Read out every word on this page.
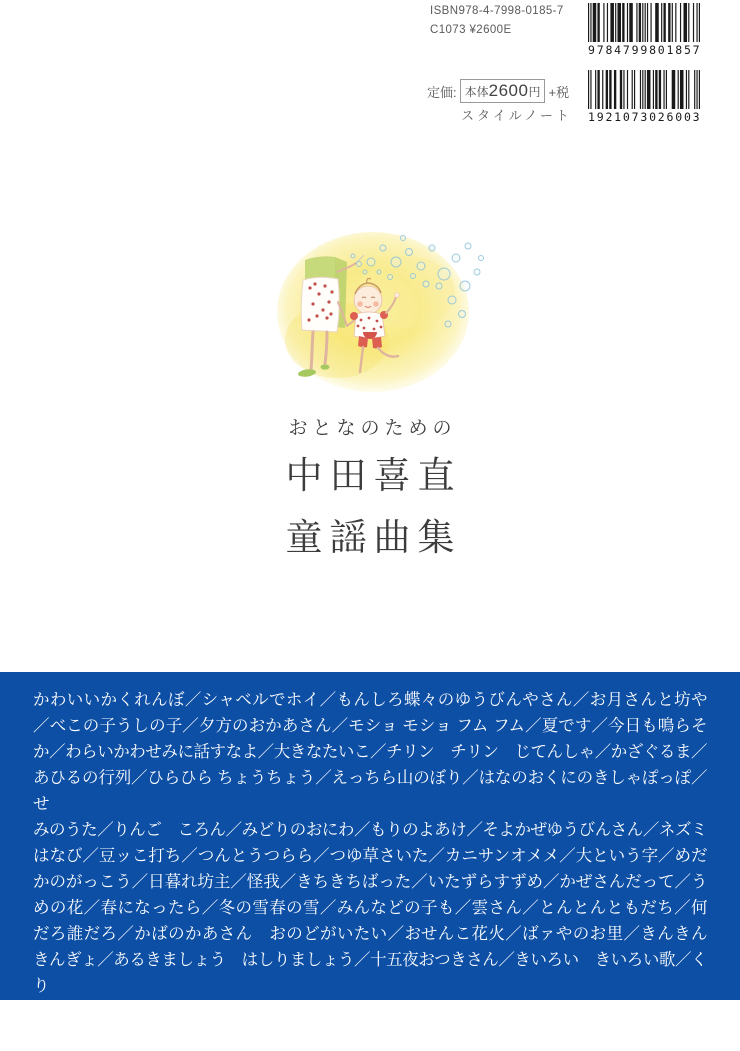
ISBN978-4-7998-0185-7
C1073 ¥2600E
定価: 本体 2600 円 +税
スタイルノート
9784799801857
1921073026003
おとなのための
中田喜直
童謡曲集
かわいいかくれんぼ／シャベルでホイ／もんしろ蝶々のゆうびんやさん／お月さんと坊や
／べこの子うしの子／夕方のおかあさん／モショ モショ フム フム／夏です／今日も鳴らそ
か／わらいかわせみに話すなよ／大きなたいこ／チリン　チリン　じてんしゃ／かざぐるま／
あひるの行列／ひらひら ちょうちょう／えっちら山のぼり／はなのおくにのきしゃぽっぽ／せ
みのうた／りんご　ころん／みどりのおにわ／もりのよあけ／そよかぜゆうびんさん／ネズミ
はなび／豆ッこ打ち／つんとうつらら／つゆ草さいた／カニサンオメメ／大という字／めだ
かのがっこう／日暮れ坊主／怪我／きちきちばった／いたずらすずめ／かぜさんだって／う
めの花／春になったら／冬の雪春の雪／みんなどの子も／雲さん／とんとんともだち／何
だろ誰だろ／かばのかあさん　おのどがいたい／おせんこ花火／ばァやのお里／きんきん
きんぎょ／あるきましょう　はしりましょう／十五夜おつきさん／きいろい　きいろい歌／くり
のみと　こりす／こじか／あまのじゃく／スワンのつばさ／金魚よ／むこうのきしへ／きりん
さん／チクンとパチン／お母さん／夏の思い出／ちいさい秋みつけた／雪の降る街を
